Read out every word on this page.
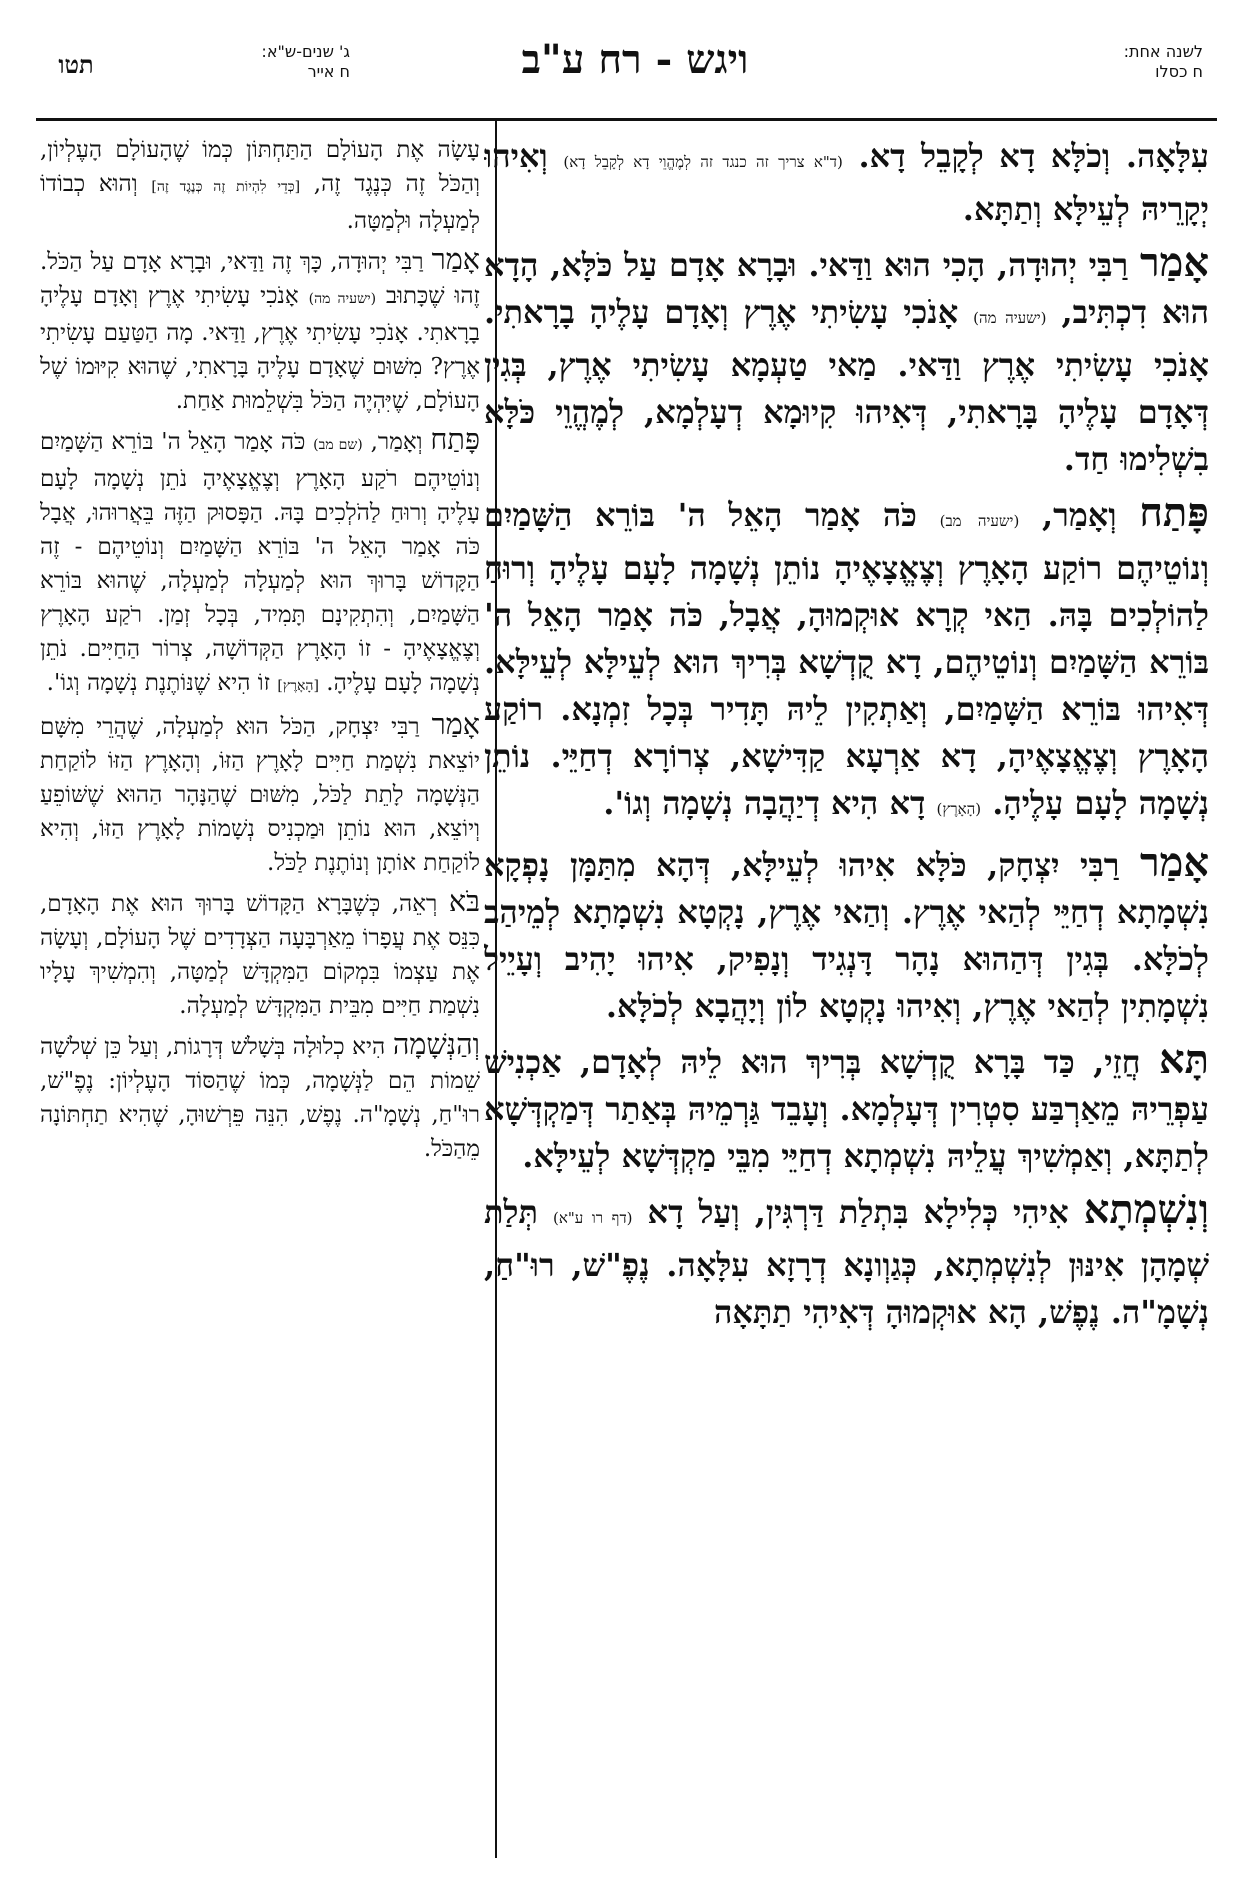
לשנה אחת:
ח כסלו
ויגש - רח ע"ב
ג' שנים-ש"א:
ח אייר
תטו

עִלָּאָה. וְכֹלָּא דָא לְקָבֵל דָא. (ד"א צריך זה כנגד זה לְמֶהֱוֵי דָא לְקָבֵל דָא) וְאִיהוּ יְקָרֵיהּ לְעֵילָּא וְתַתָּא.

אָמַר רַבִּי יְהוּדָה, הָכִי הוּא וַדַּאי. וּבָרָא אָדָם עַל כֹּלָּא, הָדָא הוּא דִכְתִּיב, (ישעיה מה) אָנֹכִי עָשִׂיתִי אֶרֶץ וְאָדָם עָלֶיהָ בָרָאתִי. אָנֹכִי עָשִׂיתִי אֶרֶץ וַדַּאי. מַאי טַעְמָא עָשִׂיתִי אֶרֶץ, בְּגִין דְּאָדָם עָלֶיהָ בָּרָאתִי, דְּאִיהוּ קִיוּמָא דְעָלְמָא, לְמֶהֱוֵי כֹּלָּא בִשְׁלִימוּ חַד.

פָּתַח וְאָמַר, (ישעיה מב) כֹּה אָמַר הָאֵל ה' בּוֹרֵא הַשָּׁמַיִם וְנוֹטֵיהֶם רוֹקַע הָאָרֶץ וְצֶאֱצָאֶיהָ נוֹתֵן נְשָׁמָה לָעָם עָלֶיהָ וְרוּחַ לַהוֹלְכִים בָּהּ. הַאי קְרָא אוּקְמוּהָ, אֲבָל, כֹּה אָמַר הָאֵל ה' בּוֹרֵא הַשָּׁמַיִם וְנוֹטֵיהֶם, דָא קֻדְשָׁא בְּרִיךְ הוּא לְעֵילָּא לְעֵילָּא. דְּאִיהוּ בּוֹרֵא הַשָּׁמַיִם, וְאַתְקִין לֵיהּ תָּדִיר בְּכָל זִמְנָא. רוֹקַע הָאָרֶץ וְצֶאֱצָאֶיהָ, דָא אַרְעָא קַדִּישָׁא, צְרוֹרָא דְחַיֵּי. נוֹתֵן נְשָׁמָה לָעָם עָלֶיהָ. (הָאָרֶץ) דָא הִיא דְיַהֲבָה נְשָׁמָה וְגוֹ'.

אָמַר רַבִּי יִצְחָק, כֹּלָּא אִיהוּ לְעֵילָּא, דְּהָא מִתַּמָּן נָפְקָא נִשְׁמָתָא דְחַיֵּי לְהַאי אֶרֶץ. וְהַאי אֶרֶץ, נָקְטָא נִשְׁמָתָא לְמֵיהַב לְכֹלָּא. בְּגִין דְּהַהוּא נָהָר דָּנְגִיד וְנָפִיק, אִיהוּ יָהִיב וְעָיֵיל נִשְׁמָתִין לְהַאי אֶרֶץ, וְאִיהוּ נָקְטָא לוֹן וְיָהֲבָא לְכֹלָּא.

תָּא חֲזֵי, כַּד בָּרָא קֻדְשָׁא בְּרִיךְ הוּא לֵיהּ לְאָדָם, אַכְנִישׁ עַפְרֵיהּ מֵאַרְבַּע סִטְרִין דְּעָלְמָא. וְעָבֵד גַּרְמֵיהּ בְּאַתַר דְּמַקְדְּשָׁא לְתַתָּא, וְאַמְשִׁיךְ עֲלֵיהּ נִשְׁמְתָא דְחַיֵּי מִבֵּי מַקְדְּשָׁא לְעֵילָּא.

וְנִשְׁמְתָא אִיהִי כְּלִילָא בִּתְלַת דַּרְגִּין, וְעַל דָא (דף רו ע"א) תְּלַת שְׁמָהָן אִינּוּן לְנִשְׁמְתָא, כְּגַוְונָא דְרָזָא עִלָּאָה. נֶפֶ"שׁ, רוּ"חַ, נְשָׁמָ"ה. נֶפֶשׁ, הָא אוּקְמוּהָ דְּאִיהִי תַתָּאָה

עָשָׂה אֶת הָעוֹלָם הַתַּחְתּוֹן כְּמוֹ שֶׁהָעוֹלָם הָעֶלְיוֹן, וְהַכֹּל זֶה כְּנֶגֶד זֶה, [כְּדֵי לִהְיוֹת זֶה כְּנֶגֶד זֶה] וְהוּא כְבוֹדוֹ לְמַעְלָה וּלְמַטָּה.

אָמַר רַבִּי יְהוּדָה, כָּךְ זֶה וַדַּאי, וּבָרָא אָדָם עַל הַכֹּל. זֶהוּ שֶׁכָּתוּב (ישעיה מה) אָנֹכִי עָשִׂיתִי אֶרֶץ וְאָדָם עָלֶיהָ בָרָאתִי. אָנֹכִי עָשִׂיתִי אֶרֶץ, וַדַּאי. מָה הַטַּעַם עָשִׂיתִי אֶרֶץ? מִשּׁוּם שֶׁאָדָם עָלֶיהָ בָּרָאתִי, שֶׁהוּא קִיּוּמוֹ שֶׁל הָעוֹלָם, שֶׁיִּהְיֶה הַכֹּל בִּשְׁלֵמוּת אַחַת.

פָּתַח וְאָמַר, (שם מב) כֹּה אָמַר הָאֵל ה' בּוֹרֵא הַשָּׁמַיִם וְנוֹטֵיהֶם רֹקַע הָאָרֶץ וְצֶאֱצָאֶיהָ נֹתֵן נְשָׁמָה לָעָם עָלֶיהָ וְרוּחַ לַהֹלְכִים בָּהּ. הַפָּסוּק הַזֶּה בֵּאֲרוּהוּ, אֲבָל כֹּה אָמַר הָאֵל ה' בּוֹרֵא הַשָּׁמַיִם וְנוֹטֵיהֶם - זֶה הַקָּדוֹשׁ בָּרוּךְ הוּא לְמַעְלָה לְמַעְלָה, שֶׁהוּא בּוֹרֵא הַשָּׁמַיִם, וְהִתְקִינָם תָּמִיד, בְּכָל זְמַן. רֹקַע הָאָרֶץ וְצֶאֱצָאֶיהָ - זוֹ הָאָרֶץ הַקְּדוֹשָׁה, צְרוֹר הַחַיִּים. נֹתֵן נְשָׁמָה לָעָם עָלֶיהָ. [הָאָרֶץ] זוֹ הִיא שֶׁנּוֹתֶנֶת נְשָׁמָה וְגוֹ'.

אָמַר רַבִּי יִצְחָק, הַכֹּל הוּא לְמַעְלָה, שֶׁהֲרֵי מִשָּׁם יוֹצֵאת נִשְׁמַת חַיִּים לָאָרֶץ הַזּוֹ, וְהָאָרֶץ הַזּוֹ לוֹקַחַת הַנְּשָׁמָה לָתֵת לַכֹּל, מִשּׁוּם שֶׁהַנָּהָר הַהוּא שֶׁשּׁוֹפֵעַ וְיוֹצֵא, הוּא נוֹתֵן וּמַכְנִיס נְשָׁמוֹת לָאָרֶץ הַזּוֹ, וְהִיא לוֹקַחַת אוֹתָן וְנוֹתֶנֶת לַכֹּל.

בֹּא רְאֵה, כְּשֶׁבָּרָא הַקָּדוֹשׁ בָּרוּךְ הוּא אֶת הָאָדָם, כִּנֵּס אֶת עֲפָרוֹ מֵאַרְבָּעָה הַצְּדָדִים שֶׁל הָעוֹלָם, וְעָשָׂה אֶת עַצְמוֹ בִּמְקוֹם הַמִּקְדָּשׁ לְמַטָּה, וְהִמְשִׁיךְ עָלָיו נִשְׁמַת חַיִּים מִבֵּית הַמִּקְדָּשׁ לְמַעְלָה.

וְהַנְּשָׁמָה הִיא כְלוּלָה בְּשָׁלֹשׁ דְּרָגוֹת, וְעַל כֵּן שְׁלֹשָׁה שֵׁמוֹת הֵם לַנְּשָׁמָה, כְּמוֹ שֶׁהַסּוֹד הָעֶלְיוֹן: נֶפֶ"שׁ, רוּ"חַ, נְשָׁמָ"ה. נֶפֶשׁ, הִנֵּה פֵּרְשׁוּהָ, שֶׁהִיא תַחְתּוֹנָה מֵהַכֹּל.
